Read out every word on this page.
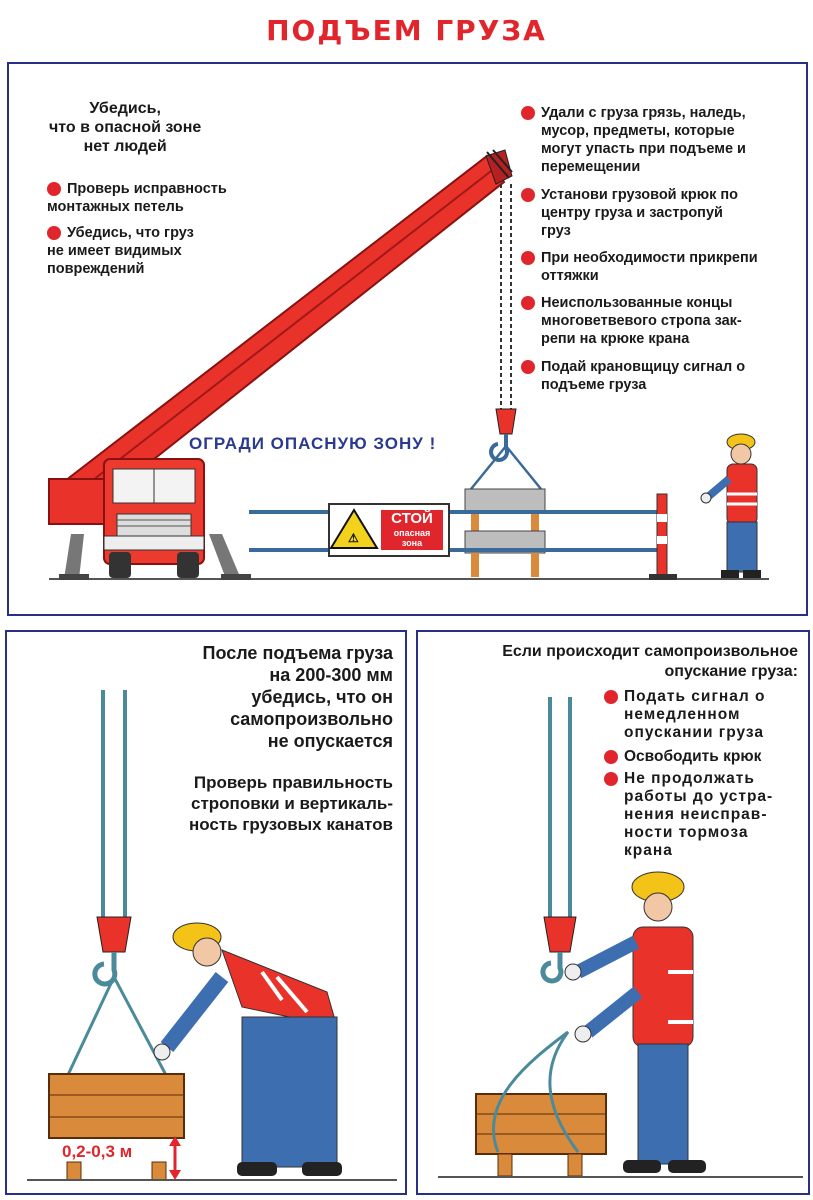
ПОДЪЕМ ГРУЗА
⚠
Убедись,
что в опасной зоне
нет людей
Проверь исправность
монтажных петель
Убедись, что груз
не имеет видимых
повреждений
Удали с груза грязь, наледь,
мусор, предметы, которые
могут упасть при подъеме и
перемещении
Установи грузовой крюк по
центру груза и застропуй
груз
При необходимости прикрепи
оттяжки
Неиспользованные концы
многоветвевого стропа зак-
репи на крюке крана
Подай крановщицу сигнал о
подъеме груза
ОГРАДИ ОПАСНУЮ ЗОНУ !
СТОЙ
опасная
зона
После подъема груза
на 200-300 мм
убедись, что он
самопроизвольно
не опускается
Проверь правильность
строповки и вертикаль-
ность грузовых канатов
0,2-0,3 м
Если происходит самопроизвольное
опускание груза:
Подать сигнал о
немедленном
опускании груза
Освободить крюк
Не продолжать
работы до устра-
нения неисправ-
ности тормоза
крана
